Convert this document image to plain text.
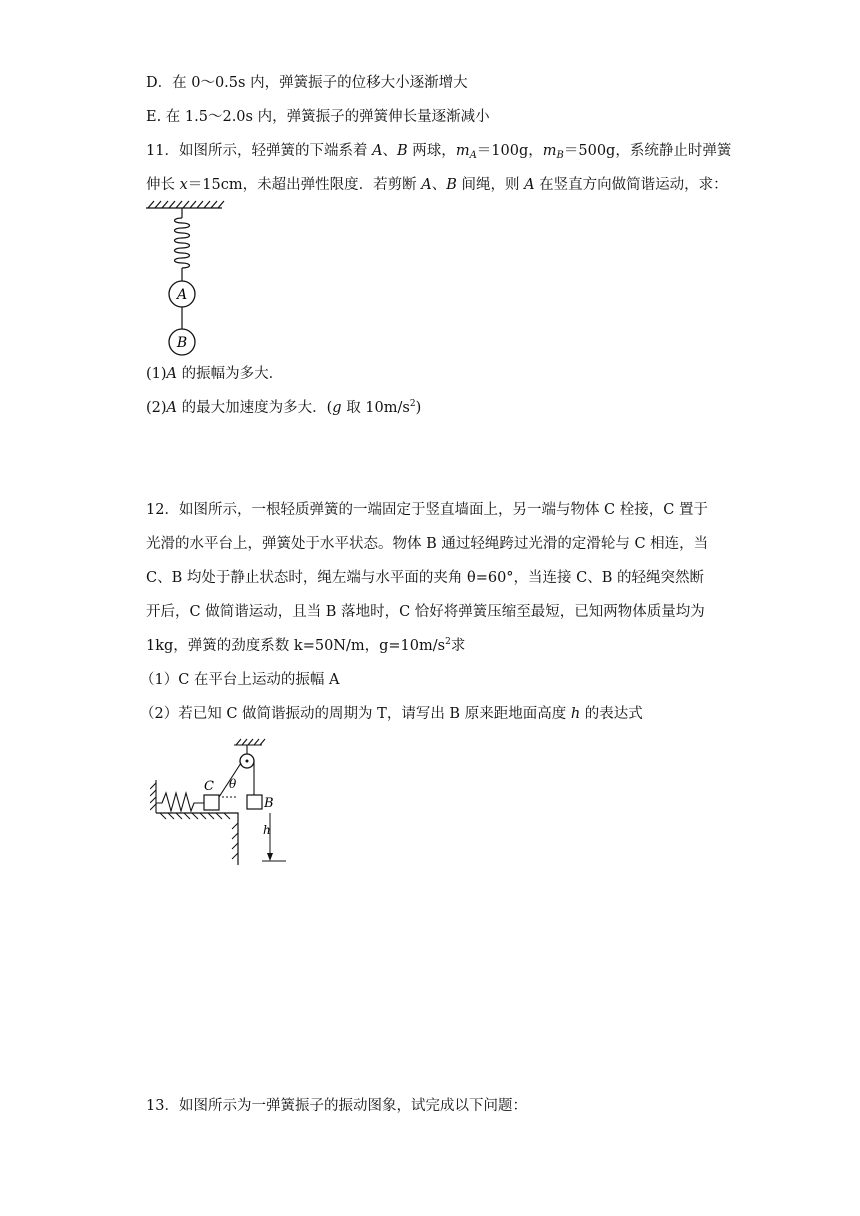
D．在 0～0.5s 内，弹簧振子的位移大小逐渐增大
E. 在 1.5～2.0s 内，弹簧振子的弹簧伸长量逐渐减小
11．如图所示，轻弹簧的下端系着 A、B 两球，$m_A=100g$，$m_B=500g$，系统静止时弹簧
伸长 x＝15cm，未超出弹性限度．若剪断 A、B 间绳，则 A 在竖直方向做简谐运动，求：
A
B
(1)A 的振幅为多大．
(2)A 的最大加速度为多大．(g 取 $10m/s^2$)
12．如图所示，一根轻质弹簧的一端固定于竖直墙面上，另一端与物体 C 栓接，C 置于
光滑的水平台上，弹簧处于水平状态。物体 B 通过轻绳跨过光滑的定滑轮与 C 相连，当
C、B 均处于静止状态时，绳左端与水平面的夹角 θ=60°，当连接 C、B 的轻绳突然断
开后，C 做简谐运动，且当 B 落地时，C 恰好将弹簧压缩至最短，已知两物体质量均为
1kg，弹簧的劲度系数 k=50N/m，$g=10m/s^2$求
（1）C 在平台上运动的振幅 A
（2）若已知 C 做简谐振动的周期为 T，请写出 B 原来距地面高度 h 的表达式
C θ
B
h
13．如图所示为一弹簧振子的振动图象，试完成以下问题：
